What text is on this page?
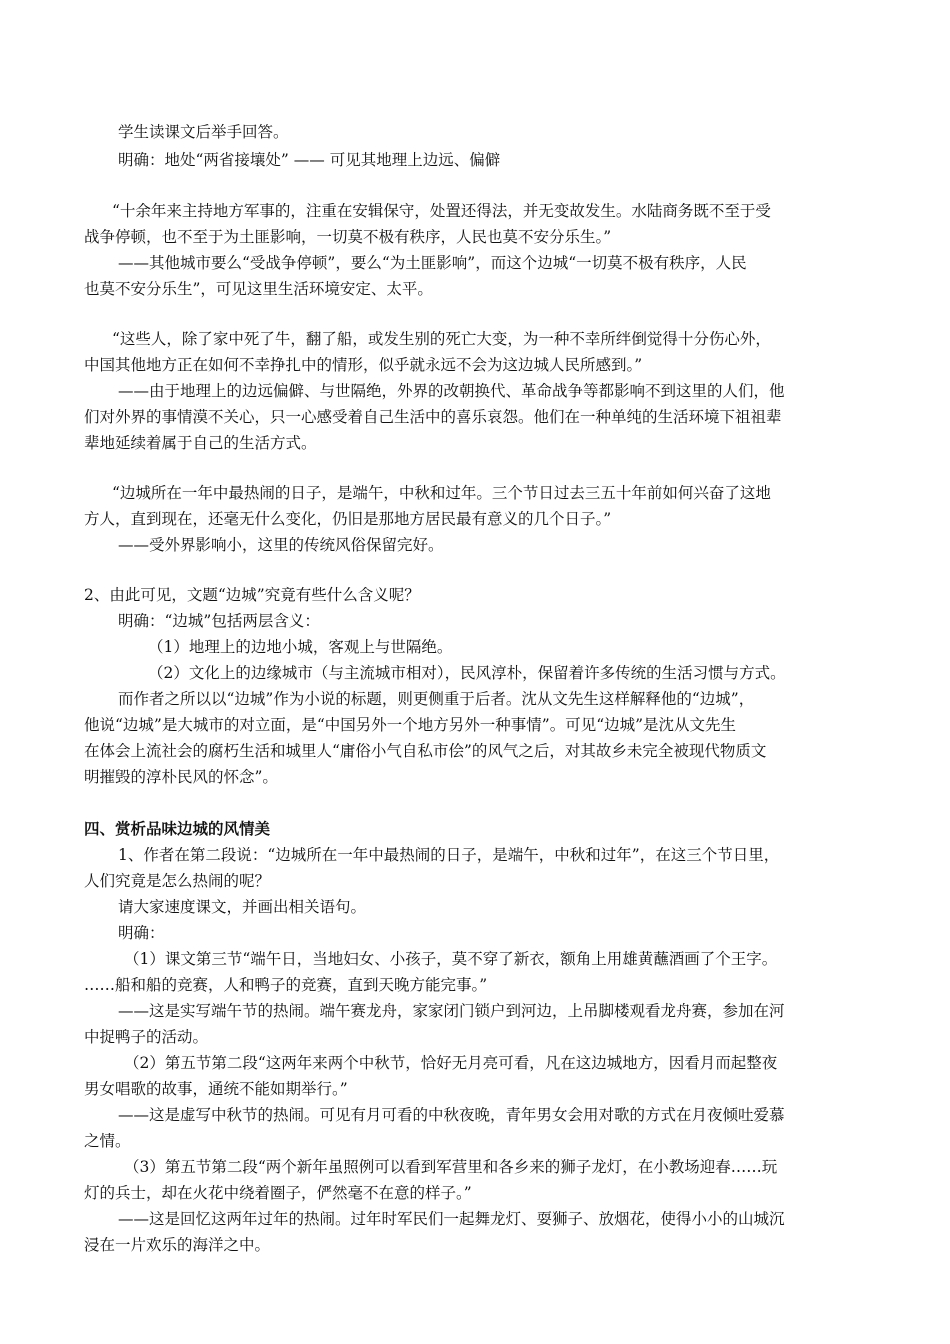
学生读课文后举手回答。

明确：地处“两省接壤处” —— 可见其地理上边远、偏僻

“十余年来主持地方军事的，注重在安辑保守，处置还得法，并无变故发生。水陆商务既不至于受

战争停顿，也不至于为土匪影响，一切莫不极有秩序，人民也莫不安分乐生。”

——其他城市要么“受战争停顿”，要么“为土匪影响”，而这个边城“一切莫不极有秩序，人民

也莫不安分乐生”，可见这里生活环境安定、太平。

“这些人，除了家中死了牛，翻了船，或发生别的死亡大变，为一种不幸所绊倒觉得十分伤心外，

中国其他地方正在如何不幸挣扎中的情形，似乎就永远不会为这边城人民所感到。”

——由于地理上的边远偏僻、与世隔绝，外界的改朝换代、革命战争等都影响不到这里的人们，他

们对外界的事情漠不关心，只一心感受着自己生活中的喜乐哀怨。他们在一种单纯的生活环境下祖祖辈

辈地延续着属于自己的生活方式。

“边城所在一年中最热闹的日子，是端午，中秋和过年。三个节日过去三五十年前如何兴奋了这地

方人，直到现在，还毫无什么变化，仍旧是那地方居民最有意义的几个日子。”

——受外界影响小，这里的传统风俗保留完好。

2、由此可见，文题“边城”究竟有些什么含义呢？

明确：“边城”包括两层含义：

（1）地理上的边地小城，客观上与世隔绝。

（2）文化上的边缘城市（与主流城市相对），民风淳朴，保留着许多传统的生活习惯与方式。

而作者之所以以“边城”作为小说的标题，则更侧重于后者。沈从文先生这样解释他的“边城”，

他说“边城”是大城市的对立面，是“中国另外一个地方另外一种事情”。可见“边城”是沈从文先生

在体会上流社会的腐朽生活和城里人“庸俗小气自私市侩”的风气之后，对其故乡未完全被现代物质文

明摧毁的淳朴民风的怀念”。

四、赏析品味边城的风情美

1、作者在第二段说：“边城所在一年中最热闹的日子，是端午，中秋和过年”，在这三个节日里，

人们究竟是怎么热闹的呢？

请大家速度课文，并画出相关语句。

明确：

（1）课文第三节“端午日，当地妇女、小孩子，莫不穿了新衣，额角上用雄黄蘸酒画了个王字。

……船和船的竞赛，人和鸭子的竞赛，直到天晚方能完事。”

——这是实写端午节的热闹。端午赛龙舟，家家闭门锁户到河边，上吊脚楼观看龙舟赛，参加在河

中捉鸭子的活动。

（2）第五节第二段“这两年来两个中秋节，恰好无月亮可看，凡在这边城地方，因看月而起整夜

男女唱歌的故事，通统不能如期举行。”

——这是虚写中秋节的热闹。可见有月可看的中秋夜晚，青年男女会用对歌的方式在月夜倾吐爱慕

之情。

（3）第五节第二段“两个新年虽照例可以看到军营里和各乡来的狮子龙灯，在小教场迎春……玩

灯的兵士，却在火花中绕着圈子，俨然毫不在意的样子。”

——这是回忆这两年过年的热闹。过年时军民们一起舞龙灯、耍狮子、放烟花，使得小小的山城沉

浸在一片欢乐的海洋之中。
